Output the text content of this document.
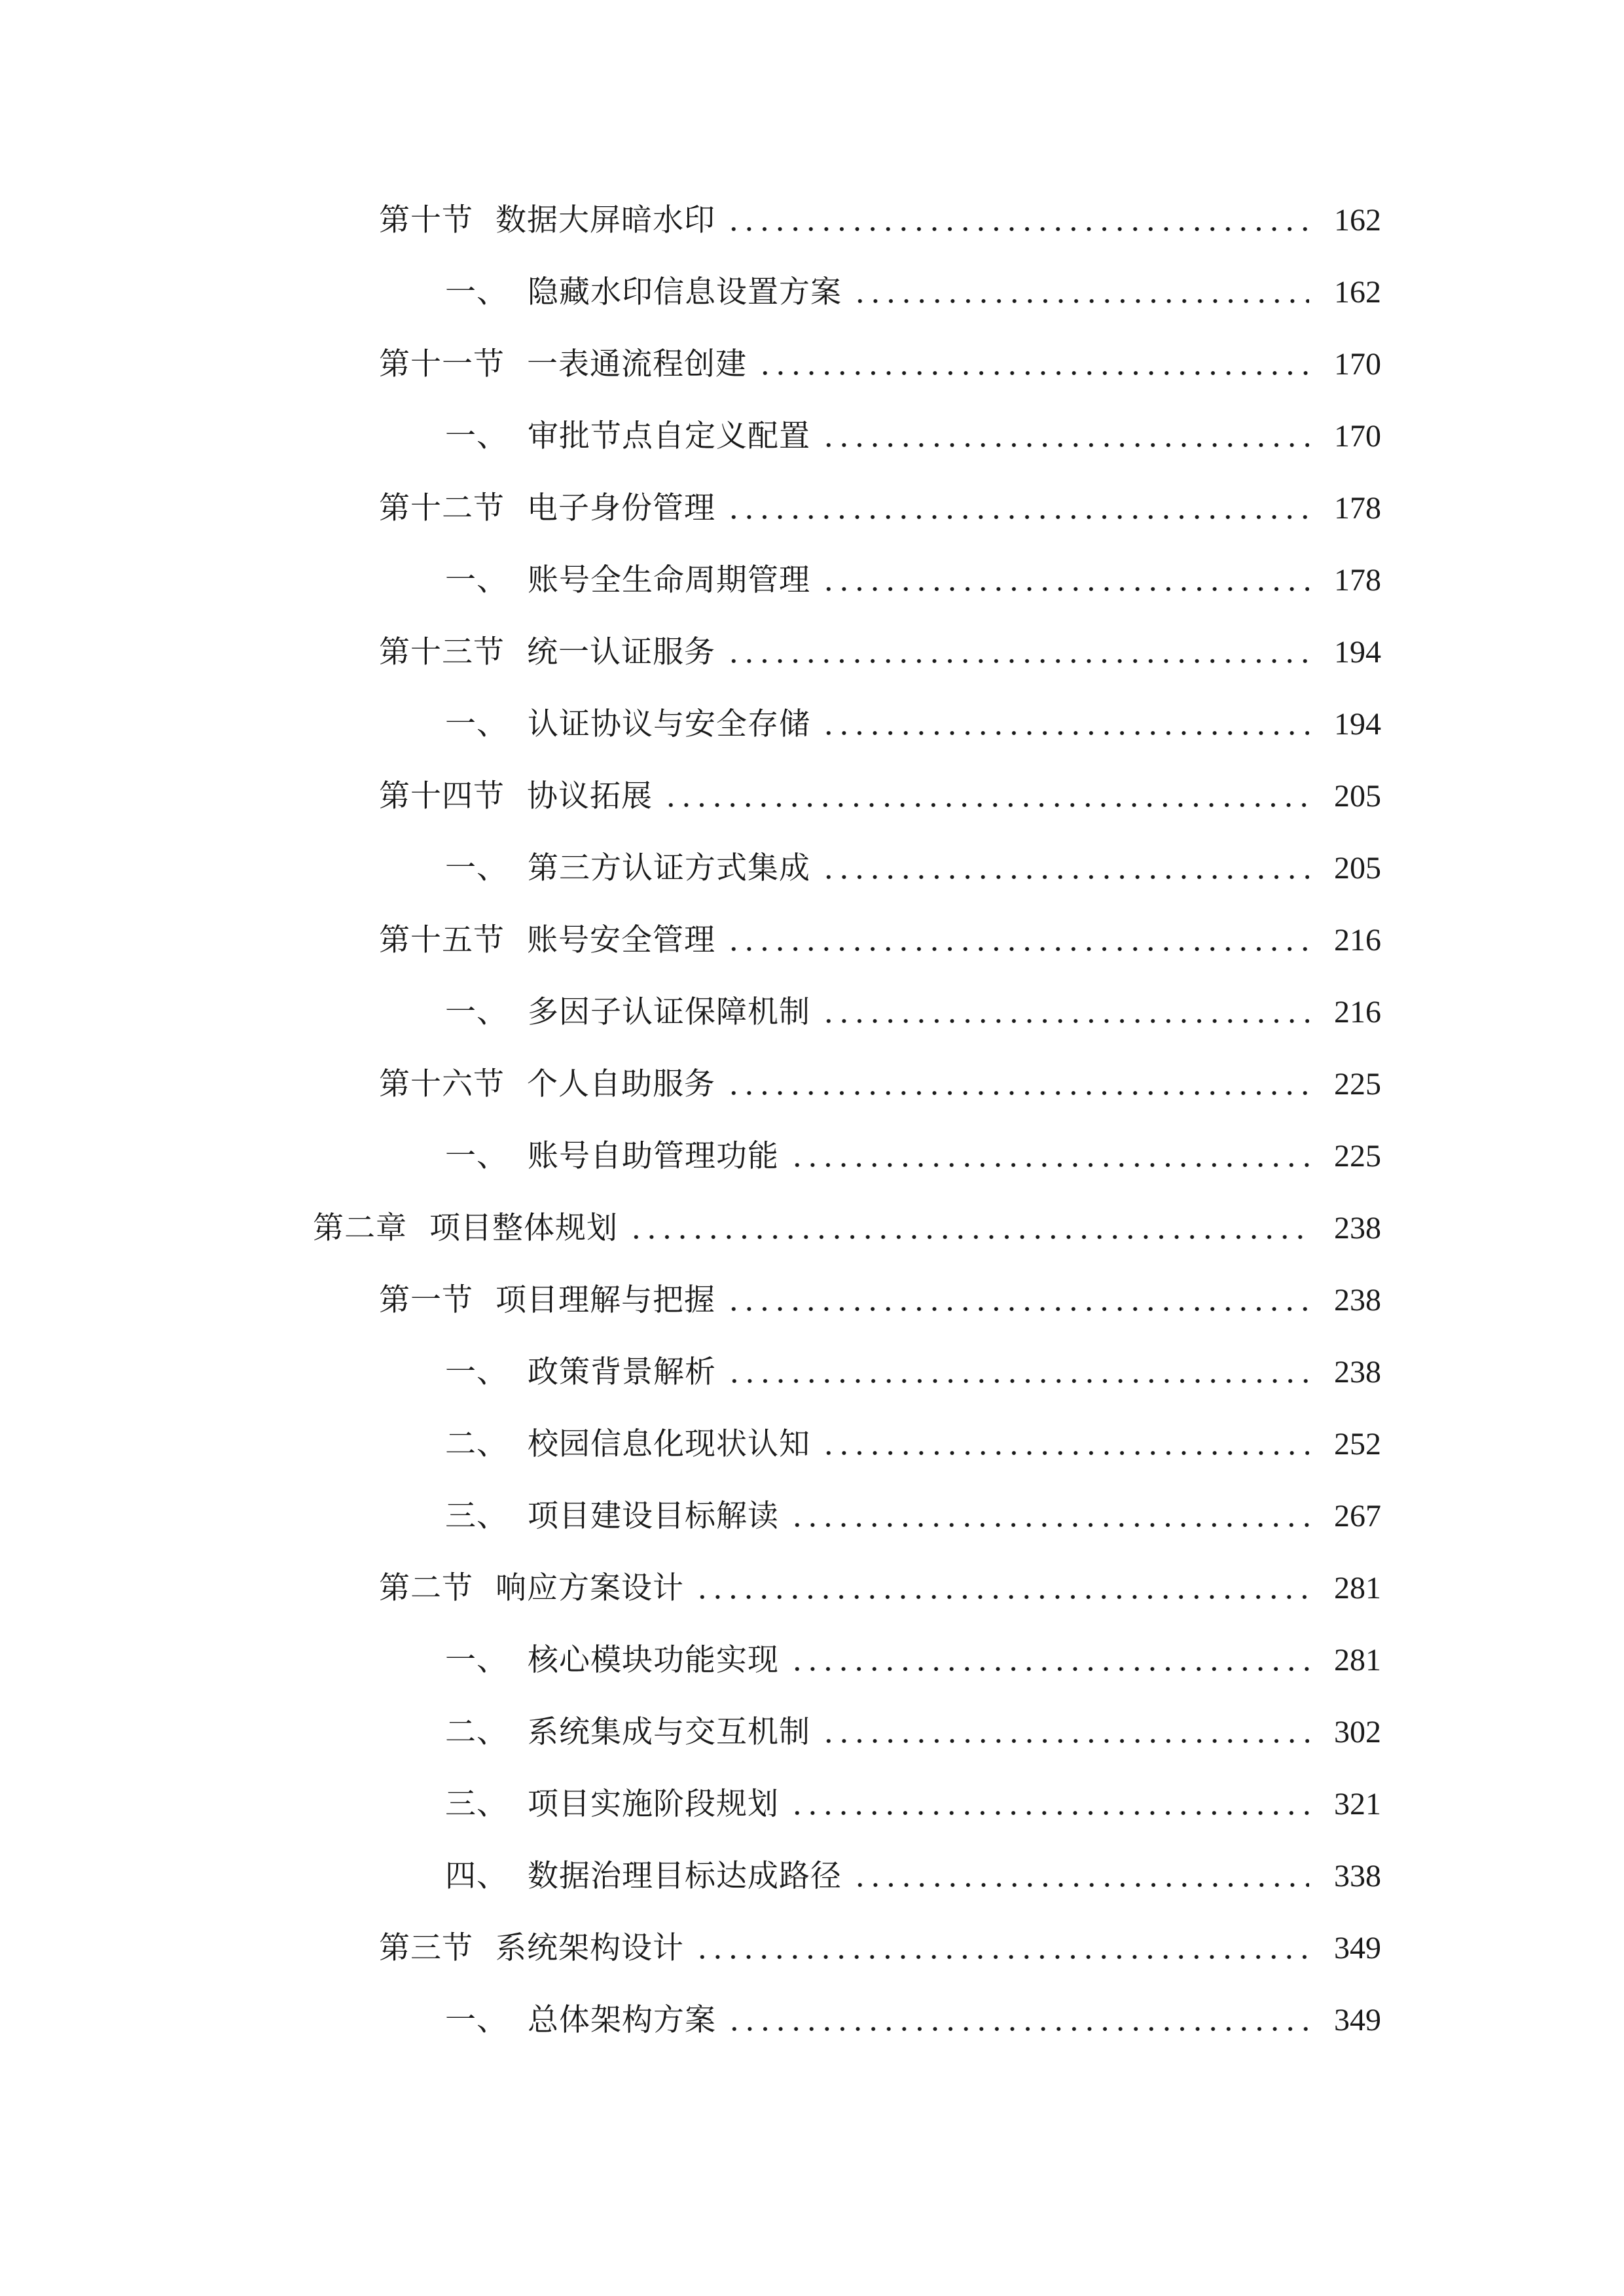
第十节 数据大屏暗水印	162
一、 隐藏水印信息设置方案	162
第十一节 一表通流程创建	170
一、 审批节点自定义配置	170
第十二节 电子身份管理	178
一、 账号全生命周期管理	178
第十三节 统一认证服务	194
一、 认证协议与安全存储	194
第十四节 协议拓展	205
一、 第三方认证方式集成	205
第十五节 账号安全管理	216
一、 多因子认证保障机制	216
第十六节 个人自助服务	225
一、 账号自助管理功能	225
第二章 项目整体规划	238
第一节 项目理解与把握	238
一、 政策背景解析	238
二、 校园信息化现状认知	252
三、 项目建设目标解读	267
第二节 响应方案设计	281
一、 核心模块功能实现	281
二、 系统集成与交互机制	302
三、 项目实施阶段规划	321
四、 数据治理目标达成路径	338
第三节 系统架构设计	349
一、 总体架构方案	349
